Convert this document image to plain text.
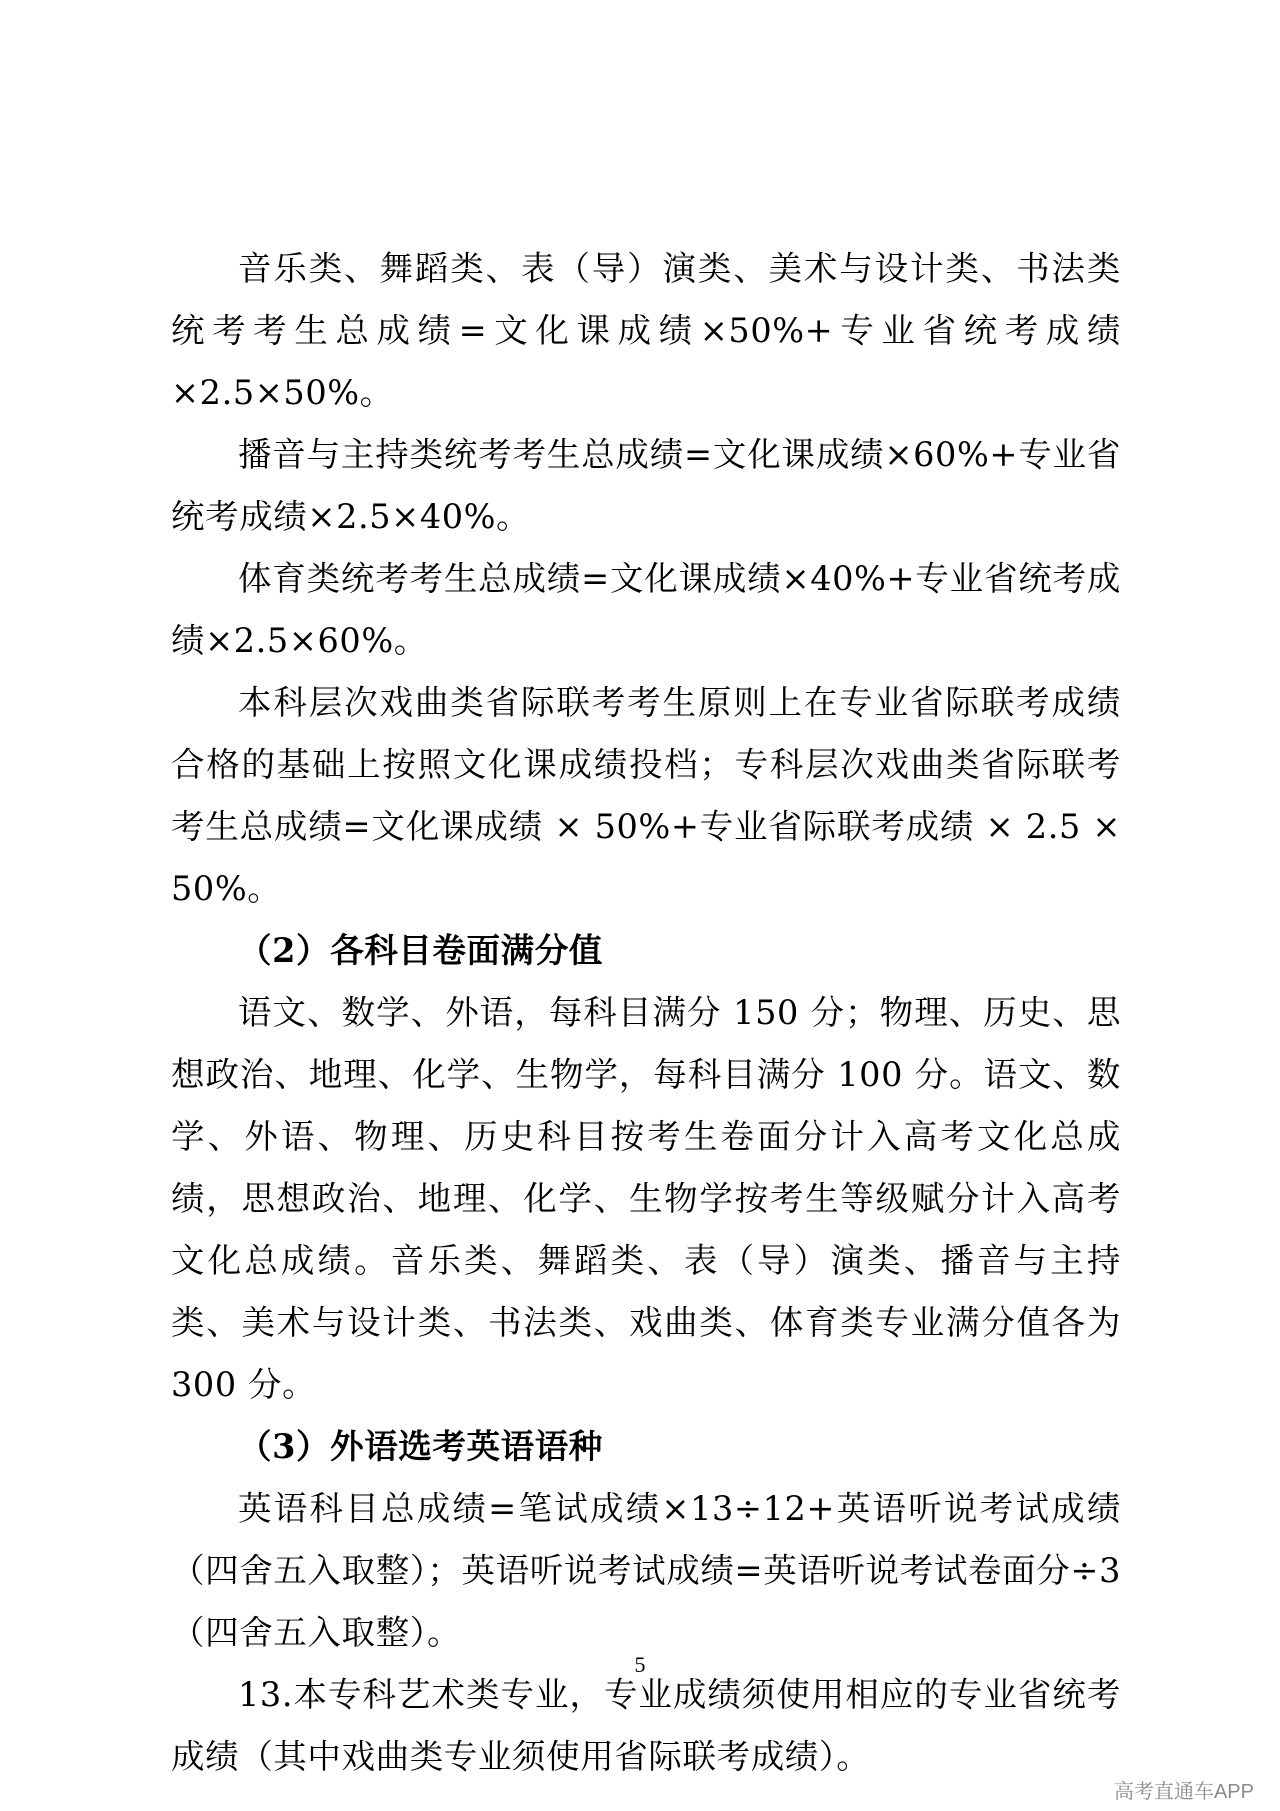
音乐类、舞蹈类、表（导）演类、美术与设计类、书法类统考考生总成绩=文化课成绩×50%+专业省统考成绩×2.5×50%。

播音与主持类统考考生总成绩=文化课成绩×60%+专业省统考成绩×2.5×40%。

体育类统考考生总成绩=文化课成绩×40%+专业省统考成绩×2.5×60%。

本科层次戏曲类省际联考考生原则上在专业省际联考成绩合格的基础上按照文化课成绩投档；专科层次戏曲类省际联考考生总成绩=文化课成绩 × 50%+专业省际联考成绩 × 2.5 × 50%。

（2）各科目卷面满分值

语文、数学、外语，每科目满分 150 分；物理、历史、思想政治、地理、化学、生物学，每科目满分 100 分。语文、数学、外语、物理、历史科目按考生卷面分计入高考文化总成绩，思想政治、地理、化学、生物学按考生等级赋分计入高考文化总成绩。音乐类、舞蹈类、表（导）演类、播音与主持类、美术与设计类、书法类、戏曲类、体育类专业满分值各为 300 分。

（3）外语选考英语语种

英语科目总成绩=笔试成绩×13÷12+英语听说考试成绩（四舍五入取整）；英语听说考试成绩=英语听说考试卷面分÷3（四舍五入取整）。

13.本专科艺术类专业，专业成绩须使用相应的专业省统考成绩（其中戏曲类专业须使用省际联考成绩）。

5
高考直通车APP
